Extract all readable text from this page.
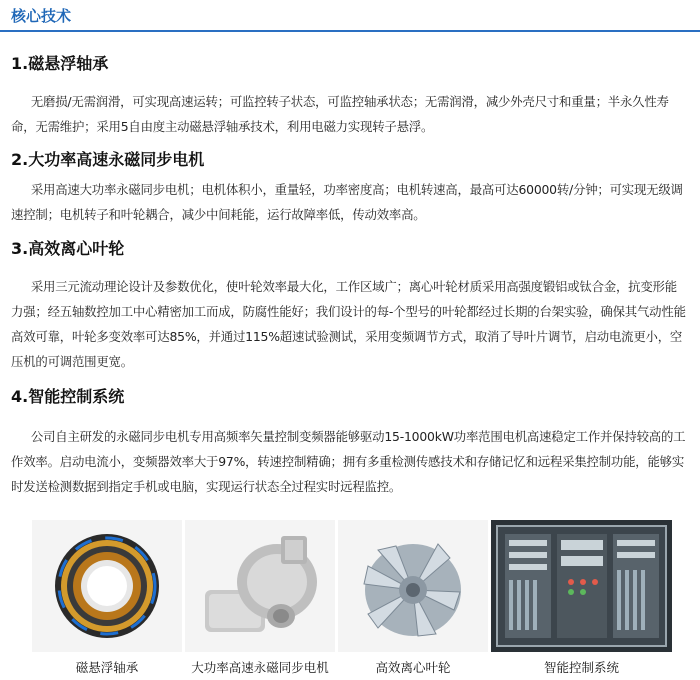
核心技术
1.磁悬浮轴承
无磨损/无需润滑，可实现高速运转；可监控转子状态，可监控轴承状态；无需润滑，减少外壳尺寸和重量；半永久性寿命，无需维护；采用5自由度主动磁悬浮轴承技术，利用电磁力实现转子悬浮。
2.大功率高速永磁同步电机
采用高速大功率永磁同步电机；电机体积小，重量轻，功率密度高；电机转速高，最高可达60000转/分钟；可实现无级调速控制；电机转子和叶轮耦合，减少中间耗能，运行故障率低，传动效率高。
3.高效离心叶轮
采用三元流动理论设计及参数优化，使叶轮效率最大化，工作区域广；离心叶轮材质采用高强度锻铝或钛合金，抗变形能力强；经五轴数控加工中心精密加工而成，防腐性能好；我们设计的每-个型号的叶轮都经过长期的台架实验，确保其气动性能高效可靠，叶轮多变效率可达85%，并通过115%超速试验测试，采用变频调节方式，取消了导叶片调节，启动电流更小，空压机的可调范围更宽。
4.智能控制系统
公司自主研发的永磁同步电机专用高频率矢量控制变频器能够驱动15-1000kW功率范围电机高速稳定工作并保持较高的工作效率。启动电流小，变频器效率大于97%，转速控制精确；拥有多重检测传感技术和存储记忆和远程采集控制功能，能够实时发送检测数据到指定手机或电脑，实现运行状态全过程实时远程监控。
磁悬浮轴承	大功率高速永磁同步电机	高效离心叶轮	智能控制系统
